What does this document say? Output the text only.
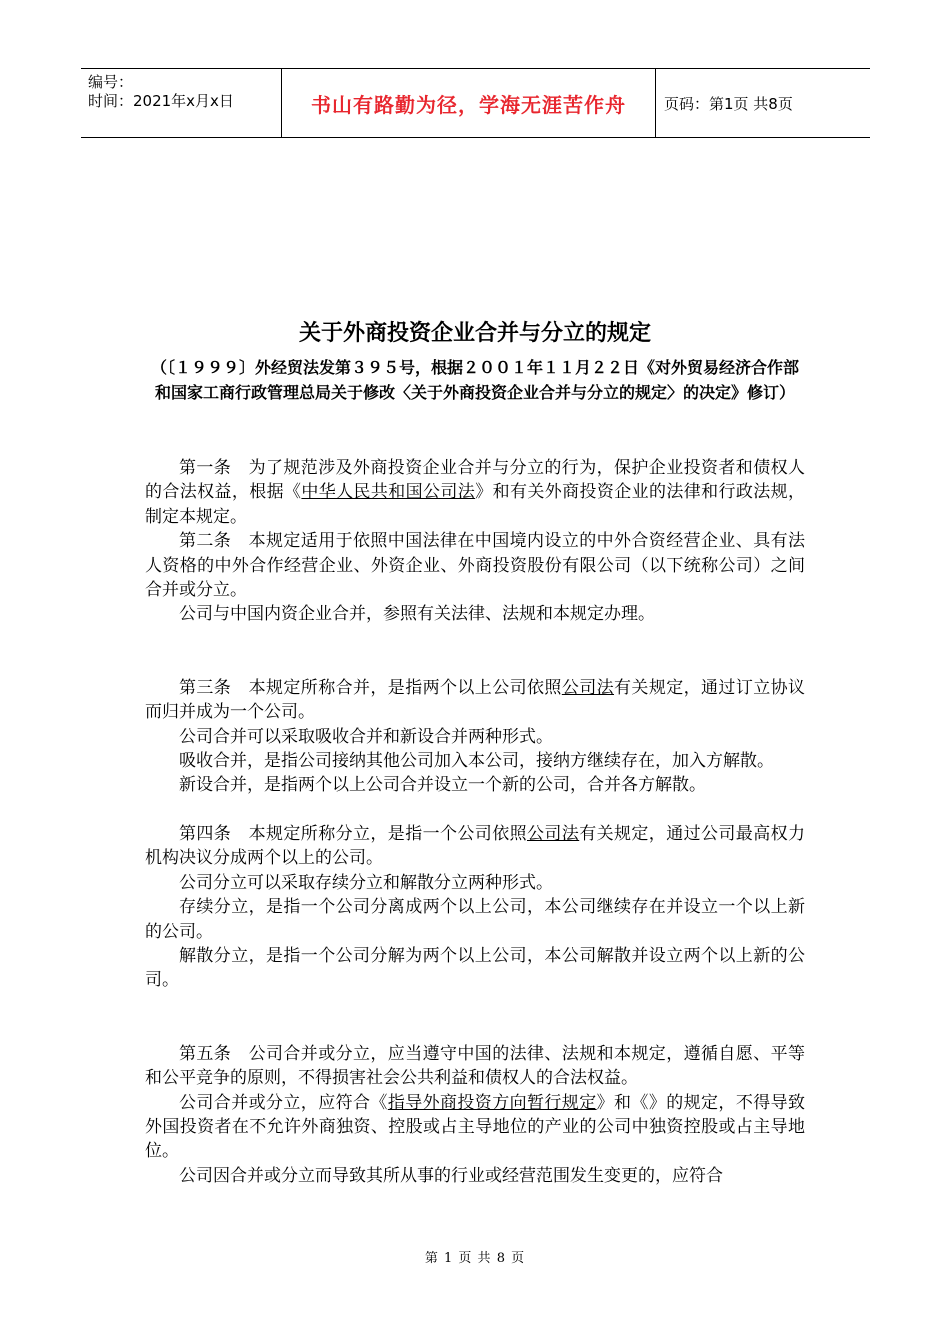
编号：
时间：2021年x月x日	书山有路勤为径，学海无涯苦作舟	页码：第1页 共8页
关于外商投资企业合并与分立的规定
（〔１９９９〕外经贸法发第３９５号，根据２００１年１１月２２日《对外贸易经济合作部和国家工商行政管理总局关于修改〈关于外商投资企业合并与分立的规定〉的决定》修订）

第一条　为了规范涉及外商投资企业合并与分立的行为，保护企业投资者和债权人的合法权益，根据《中华人民共和国公司法》和有关外商投资企业的法律和行政法规，制定本规定。

第二条　本规定适用于依照中国法律在中国境内设立的中外合资经营企业、具有法人资格的中外合作经营企业、外资企业、外商投资股份有限公司（以下统称公司）之间合并或分立。

公司与中国内资企业合并，参照有关法律、法规和本规定办理。

第三条　本规定所称合并，是指两个以上公司依照公司法有关规定，通过订立协议而归并成为一个公司。

公司合并可以采取吸收合并和新设合并两种形式。

吸收合并，是指公司接纳其他公司加入本公司，接纳方继续存在，加入方解散。

新设合并，是指两个以上公司合并设立一个新的公司，合并各方解散。

第四条　本规定所称分立，是指一个公司依照公司法有关规定，通过公司最高权力机构决议分成两个以上的公司。

公司分立可以采取存续分立和解散分立两种形式。

存续分立，是指一个公司分离成两个以上公司，本公司继续存在并设立一个以上新的公司。

解散分立，是指一个公司分解为两个以上公司，本公司解散并设立两个以上新的公司。

第五条　公司合并或分立，应当遵守中国的法律、法规和本规定，遵循自愿、平等和公平竞争的原则，不得损害社会公共利益和债权人的合法权益。

公司合并或分立，应符合《指导外商投资方向暂行规定》和《》的规定，不得导致外国投资者在不允许外商独资、控股或占主导地位的产业的公司中独资控股或占主导地位。

公司因合并或分立而导致其所从事的行业或经营范围发生变更的，应符合

第 1 页 共 8 页
